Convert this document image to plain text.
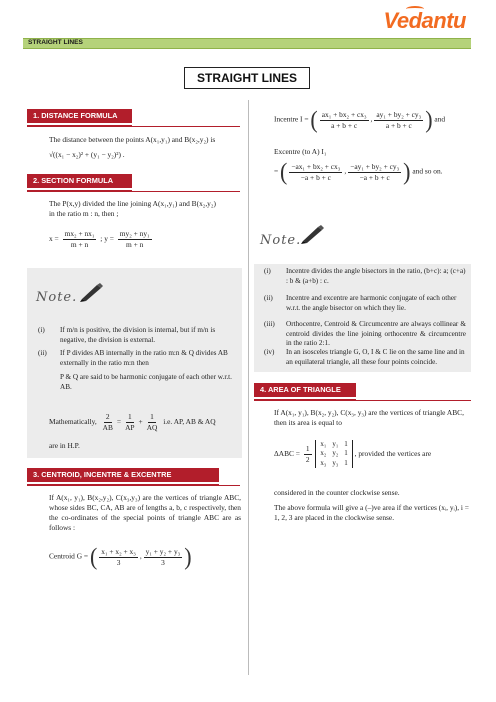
Vedantu
STRAIGHT LINES
STRAIGHT LINES
1. DISTANCE FORMULA
The distance between the points A(x₁,y₁) and B(x₂,y₂) is
√((x₁ − x₂)² + (y₁ − y₂)²) .
2. SECTION FORMULA
The P(x,y) divided the line joining A(x₁,y₁) and B(x₂,y₂)
in the ratio m : n, then ;
$x = \frac{\text{mx₂ + nx₁}}{m + n}$ ; $y = \frac{\text{my₂ + ny₁}}{m + n}$
Note.
(i) If m/n is positive, the division is internal, but if m/n is negative, the division is external.
(ii) If P divides AB internally in the ratio m:n & Q divides AB externally in the ratio m:n then
P & Q are said to be harmonic conjugate of each other w.r.t. AB.
Mathematically, $\frac{2}{AB} = \frac{1}{AP} + \frac{1}{AQ} i.e$. AP, AB & AQ
are in H.P.
3. CENTROID, INCENTRE & EXCENTRE
If A(x₁, y₁), B(x₂,y₂), C(x₃,y₃) are the vertices of triangle ABC, whose sides BC, CA, AB are of lengths a, b, c respectively, then the co-ordinates of the special points of triangle ABC are as follows :
Centroid G = ( $\frac{\text{x₁ + x₂ + x₃}}{3}$ , $\frac{\text{y₁ + y₂ + y₃}}{3}$ )
Incentre I = ( $\frac{\text{ax₁ + bx₂ + cx₃}}{a + b + c}$ , $\frac{\text{ay₁ + by₂ + cy₃}}{a + b + c}$ ) and
Excentre (to A) I₁
= ( $\frac{\text{−ax₁ + bx₂ + cx₃}}{-a + b + c}$ , $\frac{\text{−ay₁ + by₂ + cy₃}}{-a + b + c}$ ) and so on.
Note.
(i) Incentre divides the angle bisectors in the ratio, (b+c): a; (c+a) : b & (a+b) : c.
(ii) Incentre and excentre are harmonic conjugate of each other w.r.t. the angle bisector on which they lie.
(iii) Orthocentre, Centroid & Circumcentre are always collinear & centroid divides the line joining orthocentre & circumcentre in the ratio 2:1.
(iv) In an isosceles triangle G, O, I & C lie on the same line and in an equilateral triangle, all these four points coincide.
4. AREA OF TRIANGLE
If A(x₁, y₁), B(x₂, y₂), C(x₃, y₃) are the vertices of triangle ABC, then its area is equal to
$\Delta ABC = \frac{1}{2}$
x₁ y₁ 1
x₂ y₂ 1
x₃ y₃ 1
, provided the vertices are
considered in the counter clockwise sense.
The above formula will give a (–)ve area if the vertices (xᵢ, yᵢ), i = 1, 2, 3 are placed in the clockwise sense.
